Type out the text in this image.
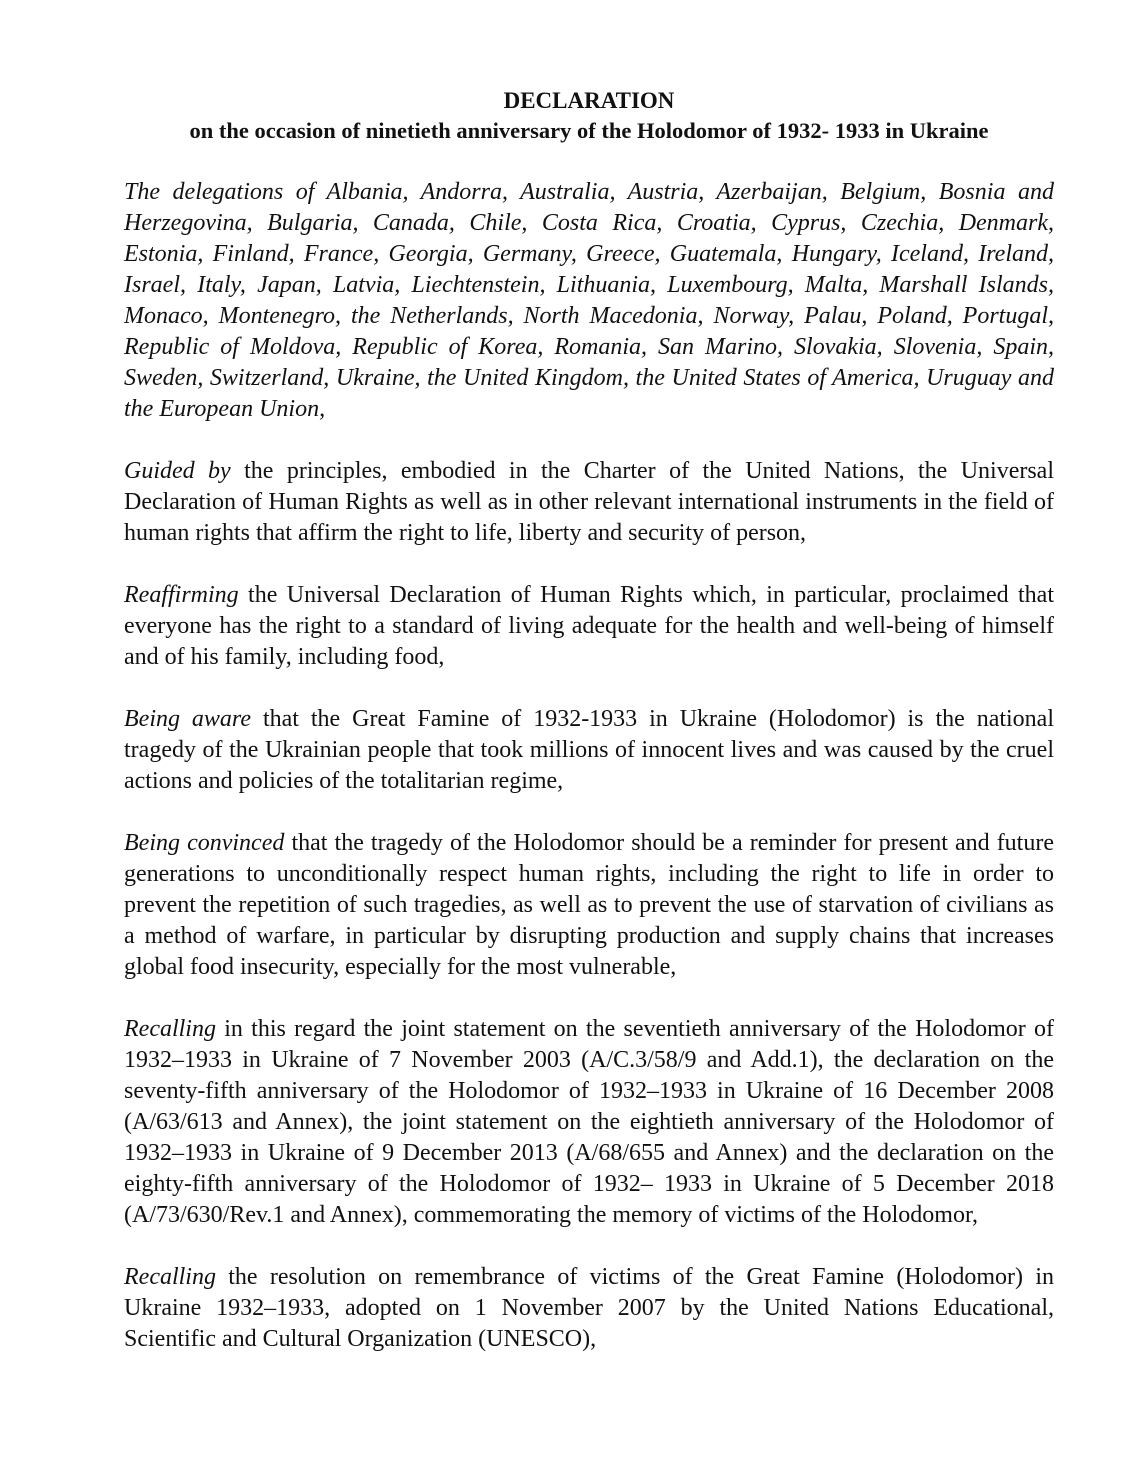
DECLARATION

on the occasion of ninetieth anniversary of the Holodomor of 1932- 1933 in Ukraine

The delegations of Albania, Andorra, Australia, Austria, Azerbaijan, Belgium, Bosnia and Herzegovina, Bulgaria, Canada, Chile, Costa Rica, Croatia, Cyprus, Czechia, Denmark, Estonia, Finland, France, Georgia, Germany, Greece, Guatemala, Hungary, Iceland, Ireland, Israel, Italy, Japan, Latvia, Liechtenstein, Lithuania, Luxembourg, Malta, Marshall Islands, Monaco, Montenegro, the Netherlands, North Macedonia, Norway, Palau, Poland, Portugal, Republic of Moldova, Republic of Korea, Romania, San Marino, Slovakia, Slovenia, Spain, Sweden, Switzerland, Ukraine, the United Kingdom, the United States of America, Uruguay and the European Union,

Guided by the principles, embodied in the Charter of the United Nations, the Universal Declaration of Human Rights as well as in other relevant international instruments in the field of human rights that affirm the right to life, liberty and security of person,

Reaffirming the Universal Declaration of Human Rights which, in particular, proclaimed that everyone has the right to a standard of living adequate for the health and well-being of himself and of his family, including food,

Being aware that the Great Famine of 1932-1933 in Ukraine (Holodomor) is the national tragedy of the Ukrainian people that took millions of innocent lives and was caused by the cruel actions and policies of the totalitarian regime,

Being convinced that the tragedy of the Holodomor should be a reminder for present and future generations to unconditionally respect human rights, including the right to life in order to prevent the repetition of such tragedies, as well as to prevent the use of starvation of civilians as a method of warfare, in particular by disrupting production and supply chains that increases global food insecurity, especially for the most vulnerable,

Recalling in this regard the joint statement on the seventieth anniversary of the Holodomor of 1932–1933 in Ukraine of 7 November 2003 (A/C.3/58/9 and Add.1), the declaration on the seventy-fifth anniversary of the Holodomor of 1932–1933 in Ukraine of 16 December 2008 (A/63/613 and Annex), the joint statement on the eightieth anniversary of the Holodomor of 1932–1933 in Ukraine of 9 December 2013 (A/68/655 and Annex) and the declaration on the eighty-fifth anniversary of the Holodomor of 1932– 1933 in Ukraine of 5 December 2018 (A/73/630/Rev.1 and Annex), commemorating the memory of victims of the Holodomor,

Recalling the resolution on remembrance of victims of the Great Famine (Holodomor) in Ukraine 1932–1933, adopted on 1 November 2007 by the United Nations Educational, Scientific and Cultural Organization (UNESCO),
